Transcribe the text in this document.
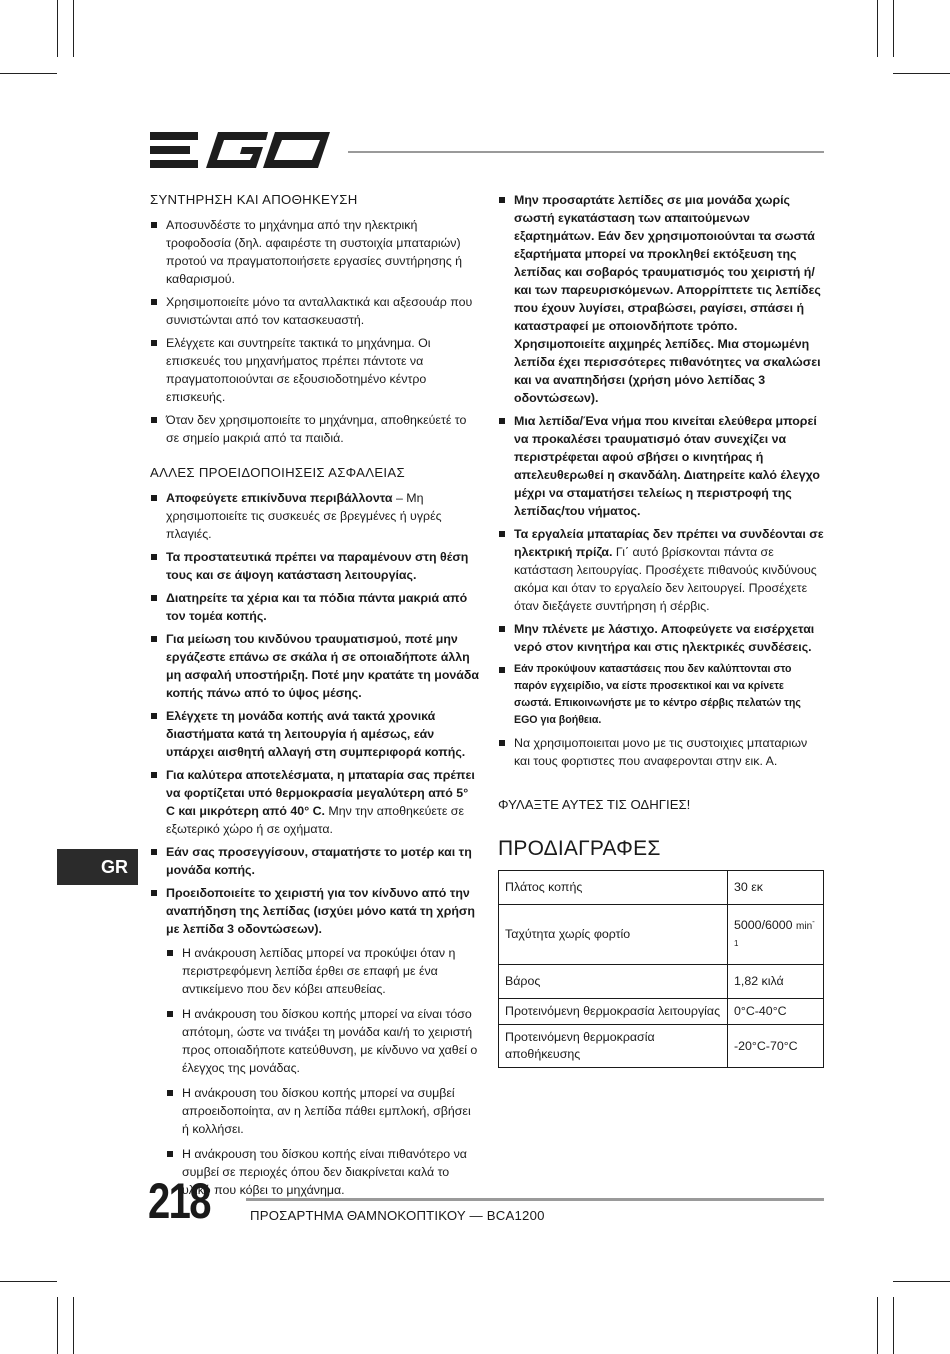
ΣΥΝΤΗΡΗΣΗ ΚΑΙ ΑΠΟΘΗΚΕΥΣΗ
Αποσυνδέστε το μηχάνημα από την ηλεκτρική τροφοδοσία (δηλ. αφαιρέστε τη συστοιχία μπαταριών) προτού να πραγματοποιήσετε εργασίες συντήρησης ή καθαρισμού.
Χρησιμοποιείτε μόνο τα ανταλλακτικά και αξεσουάρ που συνιστώνται από τον κατασκευαστή.
Ελέγχετε και συντηρείτε τακτικά το μηχάνημα. Οι επισκευές του μηχανήματος πρέπει πάντοτε να πραγματοποιούνται σε εξουσιοδοτημένο κέντρο επισκευής.
Όταν δεν χρησιμοποιείτε το μηχάνημα, αποθηκεύετέ το σε σημείο μακριά από τα παιδιά.
ΑΛΛΕΣ ΠΡΟΕΙΔΟΠΟΙΗΣΕΙΣ ΑΣΦΑΛΕΙΑΣ
Αποφεύγετε επικίνδυνα περιβάλλοντα – Μη χρησιμοποιείτε τις συσκευές σε βρεγμένες ή υγρές πλαγιές.
Τα προστατευτικά πρέπει να παραμένουν στη θέση τους και σε άψογη κατάσταση λειτουργίας.
Διατηρείτε τα χέρια και τα πόδια πάντα μακριά από τον τομέα κοπής.
Για μείωση του κινδύνου τραυματισμού, ποτέ μην εργάζεστε επάνω σε σκάλα ή σε οποιαδήποτε άλλη μη ασφαλή υποστήριξη. Ποτέ μην κρατάτε τη μονάδα κοπής πάνω από το ύψος μέσης.
Ελέγχετε τη μονάδα κοπής ανά τακτά χρονικά διαστήματα κατά τη λειτουργία ή αμέσως, εάν υπάρχει αισθητή αλλαγή στη συμπεριφορά κοπής.
Για καλύτερα αποτελέσματα, η μπαταρία σας πρέπει να φορτίζεται υπό θερμοκρασία μεγαλύτερη από 5° C και μικρότερη από 40° C. Μην την αποθηκεύετε σε εξωτερικό χώρο ή σε οχήματα.
Εάν σας προσεγγίσουν, σταματήστε το μοτέρ και τη μονάδα κοπής.
Προειδοποιείτε το χειριστή για τον κίνδυνο από την αναπήδηση της λεπίδας (ισχύει μόνο κατά τη χρήση με λεπίδα 3 οδοντώσεων).
Η ανάκρουση λεπίδας μπορεί να προκύψει όταν η περιστρεφόμενη λεπίδα έρθει σε επαφή με ένα αντικείμενο που δεν κόβει απευθείας.
Η ανάκρουση του δίσκου κοπής μπορεί να είναι τόσο απότομη, ώστε να τινάξει τη μονάδα και/ή το χειριστή προς οποιαδήποτε κατεύθυνση, με κίνδυνο να χαθεί ο έλεγχος της μονάδας.
Η ανάκρουση του δίσκου κοπής μπορεί να συμβεί απροειδοποίητα, αν η λεπίδα πάθει εμπλοκή, σβήσει ή κολλήσει.
Η ανάκρουση του δίσκου κοπής είναι πιθανότερο να συμβεί σε περιοχές όπου δεν διακρίνεται καλά το υλικό που κόβει το μηχάνημα.
Μην προσαρτάτε λεπίδες σε μια μονάδα χωρίς σωστή εγκατάσταση των απαιτούμενων εξαρτημάτων. Εάν δεν χρησιμοποιούνται τα σωστά εξαρτήματα μπορεί να προκληθεί εκτόξευση της λεπίδας και σοβαρός τραυματισμός του χειριστή ή/και των παρευρισκόμενων. Απορρίπτετε τις λεπίδες που έχουν λυγίσει, στραβώσει, ραγίσει, σπάσει ή καταστραφεί με οποιονδήποτε τρόπο. Χρησιμοποιείτε αιχμηρές λεπίδες. Μια στομωμένη λεπίδα έχει περισσότερες πιθανότητες να σκαλώσει και να αναπηδήσει (χρήση μόνο λεπίδας 3 οδοντώσεων).
Μια λεπίδα/Ένα νήμα που κινείται ελεύθερα μπορεί να προκαλέσει τραυματισμό όταν συνεχίζει να περιστρέφεται αφού σβήσει ο κινητήρας ή απελευθερωθεί η σκανδάλη. Διατηρείτε καλό έλεγχο μέχρι να σταματήσει τελείως η περιστροφή της λεπίδας/του νήματος.
Τα εργαλεία μπαταρίας δεν πρέπει να συνδέονται σε ηλεκτρική πρίζα. Γι΄ αυτό βρίσκονται πάντα σε κατάσταση λειτουργίας. Προσέχετε πιθανούς κινδύνους ακόμα και όταν το εργαλείο δεν λειτουργεί. Προσέχετε όταν διεξάγετε συντήρηση ή σέρβις.
Μην πλένετε με λάστιχο. Αποφεύγετε να εισέρχεται νερό στον κινητήρα και στις ηλεκτρικές συνδέσεις.
Εάν προκύψουν καταστάσεις που δεν καλύπτονται στο παρόν εγχειρίδιο, να είστε προσεκτικοί και να κρίνετε σωστά. Επικοινωνήστε με το κέντρο σέρβις πελατών της EGO για βοήθεια.
Να χρησιμοποιειται μονο με τις συστοιχιες μπαταριων και τους φορτιστες που αναφερονται στην εικ. Α.
ΦΥΛΑΞΤΕ ΑΥΤΕΣ ΤΙΣ ΟΔΗΓΙΕΣ!
ΠΡΟΔΙΑΓΡΑΦΕΣ
Πλάτος κοπής	30 εκ
Ταχύτητα χωρίς φορτίο	5000/6000 $\min^{-1}$
Βάρος	1,82 κιλά
Προτεινόμενη θερμοκρασία λειτουργίας	0°C-40°C
Προτεινόμενη θερμοκρασία αποθήκευσης	-20°C-70°C
GR
218	ΠΡΟΣΑΡΤΗΜΑ ΘΑΜΝΟΚΟΠΤΙΚΟΥ — BCA1200
